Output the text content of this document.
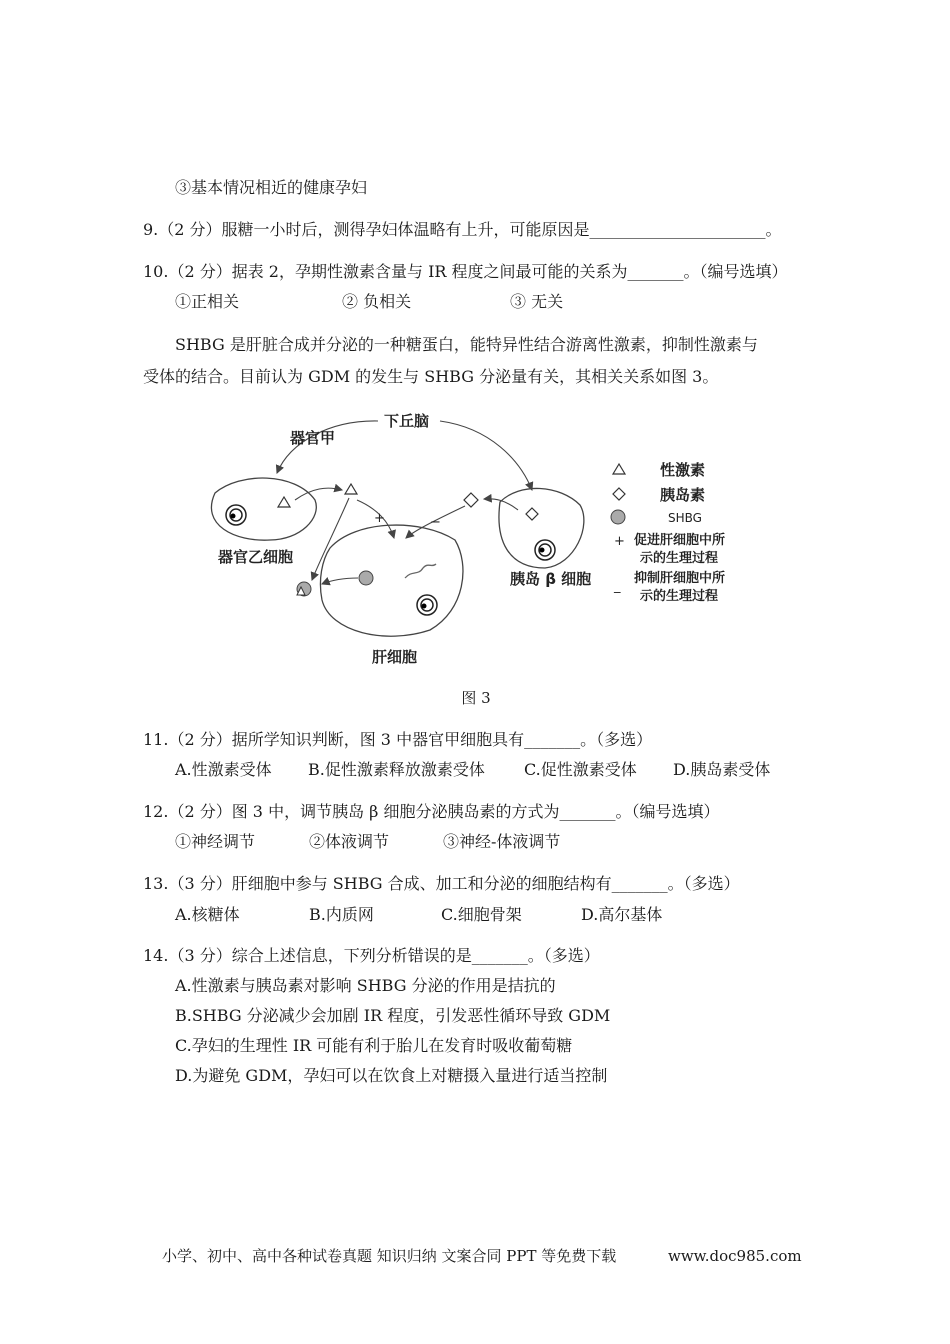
③基本情况相近的健康孕妇
9.（2 分）服糖一小时后，测得孕妇体温略有上升，可能原因是______________________。
10.（2 分）据表 2，孕期性激素含量与 IR 程度之间最可能的关系为_______。（编号选填）
①正相关	② 负相关	③ 无关
SHBG 是肝脏合成并分泌的一种糖蛋白，能特异性结合游离性激素，抑制性激素与
受体的结合。目前认为 GDM 的发生与 SHBG 分泌量有关，其相关关系如图 3。
下丘脑
器官甲
器官乙细胞
胰岛 β 细胞
肝细胞
+	−
性激素
胰岛素
SHBG
+ 促进肝细胞中所
示的生理过程
_
抑制肝细胞中所
示的生理过程
图 3
11.（2 分）据所学知识判断，图 3 中器官甲细胞具有_______。（多选）
A.性激素受体 B.促性激素释放激素受体 C.促性激素受体 D.胰岛素受体
12.（2 分）图 3 中，调节胰岛 β 细胞分泌胰岛素的方式为_______。（编号选填）
①神经调节	②体液调节	③神经-体液调节
13.（3 分）肝细胞中参与 SHBG 合成、加工和分泌的细胞结构有_______。（多选）
A.核糖体	B.内质网	C.细胞骨架	D.高尔基体
14.（3 分）综合上述信息，下列分析错误的是_______。（多选）
A.性激素与胰岛素对影响 SHBG 分泌的作用是拮抗的
B.SHBG 分泌减少会加剧 IR 程度，引发恶性循环导致 GDM
C.孕妇的生理性 IR 可能有利于胎儿在发育时吸收葡萄糖
D.为避免 GDM，孕妇可以在饮食上对糖摄入量进行适当控制
小学、初中、高中各种试卷真题 知识归纳 文案合同 PPT 等免费下载	www.doc985.com
